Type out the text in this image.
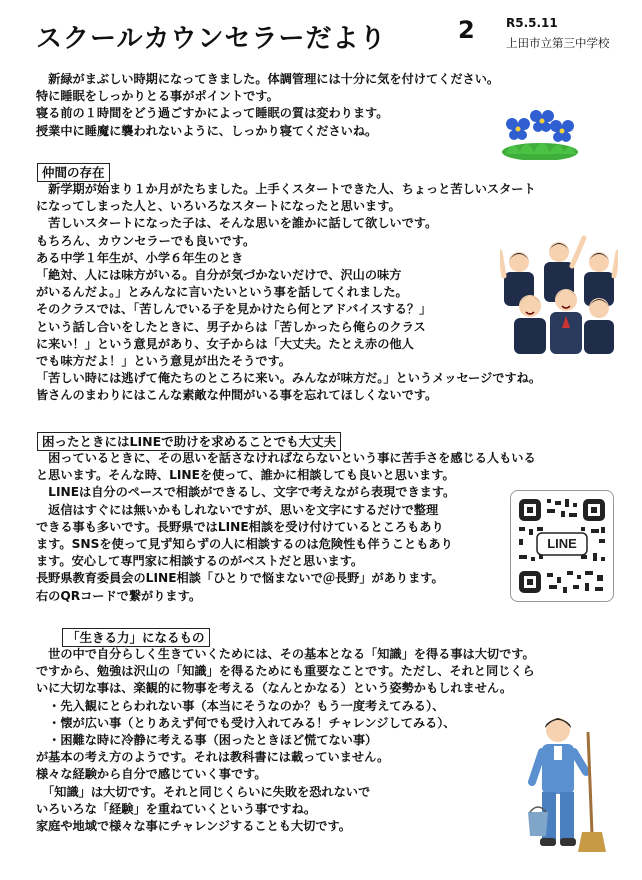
スクールカウンセラーだより	2	R5.5.11
上田市立第三中学校
　新緑がまぶしい時期になってきました。体調管理には十分に気を付けてください。
特に睡眠をしっかりとる事がポイントです。
寝る前の１時間をどう過ごすかによって睡眠の質は変わります。
授業中に睡魔に襲われないように、しっかり寝てくださいね。
仲間の存在
　新学期が始まり１か月がたちました。上手くスタートできた人、ちょっと苦しいスタート
になってしまった人と、いろいろなスタートになったと思います。
　苦しいスタートになった子は、そんな思いを誰かに話して欲しいです。
もちろん、カウンセラーでも良いです。
ある中学１年生が、小学６年生のとき
「絶対、人には味方がいる。自分が気づかないだけで、沢山の味方
がいるんだよ。」とみんなに言いたいという事を話してくれました。
そのクラスでは、「苦しんでいる子を見かけたら何とアドバイスする？」
という話し合いをしたときに、男子からは「苦しかったら俺らのクラス
に来い！」という意見があり、女子からは「大丈夫。たとえ赤の他人
でも味方だよ！」という意見が出たそうです。
「苦しい時には逃げて俺たちのところに来い。みんなが味方だ。」というメッセージですね。
皆さんのまわりにはこんな素敵な仲間がいる事を忘れてほしくないです。
困ったときにはLINEで助けを求めることでも大丈夫
　困っているときに、その思いを話さなければならないという事に苦手さを感じる人もいる
と思います。そんな時、LINEを使って、誰かに相談しても良いと思います。
　LINEは自分のペースで相談ができるし、文字で考えながら表現できます。
　返信はすぐには無いかもしれないですが、思いを文字にするだけで整理
できる事も多いです。長野県ではLINE相談を受け付けているところもあり
ます。SNSを使って見ず知らずの人に相談するのは危険性も伴うこともあり
ます。安心して専門家に相談するのがベストだと思います。
長野県教育委員会のLINE相談「ひとりで悩まないで＠長野」があります。
右のQRコードで繋がります。
LINE
「生きる力」になるもの
　世の中で自分らしく生きていくためには、その基本となる「知識」を得る事は大切です。
ですから、勉強は沢山の「知識」を得るためにも重要なことです。ただし、それと同じくら
いに大切な事は、楽観的に物事を考える（なんとかなる）という姿勢かもしれません。
　・先入観にとらわれない事（本当にそうなのか？もう一度考えてみる）、
　・懐が広い事（とりあえず何でも受け入れてみる！チャレンジしてみる）、
　・困難な時に冷静に考える事（困ったときほど慌てない事）
が基本の考え方のようです。それは教科書には載っていません。
様々な経験から自分で感じていく事です。
　「知識」は大切です。それと同じくらいに失敗を恐れないで
いろいろな「経験」を重ねていくという事ですね。
家庭や地域で様々な事にチャレンジすることも大切です。
